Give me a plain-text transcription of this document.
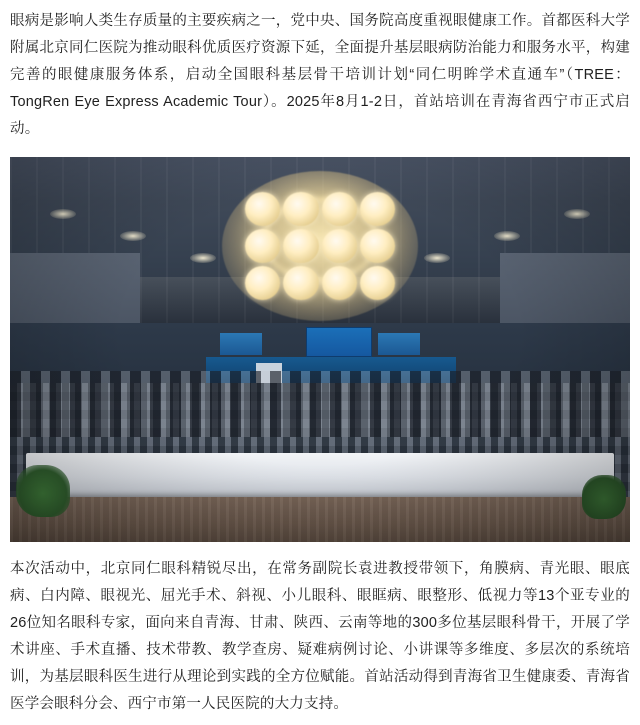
眼病是影响人类生存质量的主要疾病之一，党中央、国务院高度重视眼健康工作。首都医科大学附属北京同仁医院为推动眼科优质医疗资源下延，全面提升基层眼病防治能力和服务水平，构建完善的眼健康服务体系，启动全国眼科基层骨干培训计划“同仁明眸学术直通车”（TREE：TongRen Eye Express Academic Tour）。2025年8月1-2日，首站培训在青海省西宁市正式启动。

本次活动中，北京同仁眼科精锐尽出，在常务副院长袁进教授带领下，角膜病、青光眼、眼底病、白内障、眼视光、屈光手术、斜视、小儿眼科、眼眶病、眼整形、低视力等13个亚专业的26位知名眼科专家，面向来自青海、甘肃、陕西、云南等地的300多位基层眼科骨干，开展了学术讲座、手术直播、技术带教、教学查房、疑难病例讨论、小讲课等多维度、多层次的系统培训，为基层眼科医生进行从理论到实践的全方位赋能。首站活动得到青海省卫生健康委、青海省医学会眼科分会、西宁市第一人民医院的大力支持。
